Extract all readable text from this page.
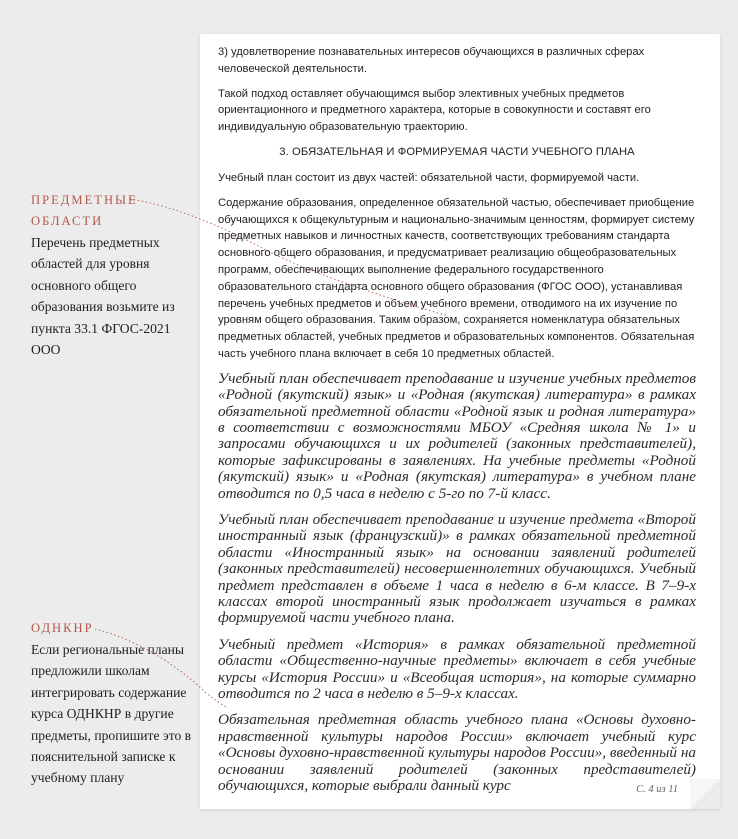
3) удовлетворение познавательных интересов обучающихся в различных сферах человеческой деятельности.

Такой подход оставляет обучающимся выбор элективных учебных предметов ориентационного и предметного характера, которые в совокупности и составят его индивидуальную образовательную траекторию.

3. ОБЯЗАТЕЛЬНАЯ И ФОРМИРУЕМАЯ ЧАСТИ УЧЕБНОГО ПЛАНА

Учебный план состоит из двух частей: обязательной части, формируемой части.

Содержание образования, определенное обязательной частью, обеспечивает приобщение обучающихся к общекультурным и национально-значимым ценностям, формирует систему предметных навыков и личностных качеств, соответствующих требованиям стандарта основного общего образования, и предусматривает реализацию общеобразовательных программ, обеспечивающих выполнение федерального государственного образовательного стандарта основного общего образования (ФГОС ООО), устанавливая перечень учебных предметов и объем учебного времени, отводимого на их изучение по уровням общего образования. Таким образом, сохраняется номенклатура обязательных предметных областей, учебных предметов и образовательных компонентов. Обязательная часть учебного плана включает в себя 10 предметных областей.

Учебный план обеспечивает преподавание и изучение учебных предметов «Родной (якутский) язык» и «Родная (якутская) литература» в рамках обязательной предметной области «Родной язык и родная литература» в соответствии с возможностями МБОУ «Средняя школа № 1» и запросами обучающихся и их родителей (законных представителей), которые зафиксированы в заявлениях. На учебные предметы «Родной (якутский) язык» и «Родная (якутская) литература» в учебном плане отводится по 0,5 часа в неделю с 5-го по 7-й класс.

Учебный план обеспечивает преподавание и изучение предмета «Второй иностранный язык (французский)» в рамках обязательной предметной области «Иностранный язык» на основании заявлений родителей (законных представителей) несовершеннолетних обучающихся. Учебный предмет представлен в объеме 1 часа в неделю в 6-м классе. В 7–9-х классах второй иностранный язык продолжает изучаться в рамках формируемой части учебного плана.

Учебный предмет «История» в рамках обязательной предметной области «Общественно-научные предметы» включает в себя учебные курсы «История России» и «Всеобщая история», на которые суммарно отводится по 2 часа в неделю в 5–9-х классах.

Обязательная предметная область учебного плана «Основы духовно-нравственной культуры народов России» включает учебный курс «Основы духовно-нравственной культуры народов России», введенный на основании заявлений родителей (законных представителей) обучающихся, которые выбрали данный курс	С. 4 из 11
ПРЕДМЕТНЫЕ ОБЛАСТИ
Перечень предметных областей для уровня основного общего образования возьмите из пункта 33.1 ФГОС-2021 ООО
ОДНКНР
Если региональные планы предложили школам интегрировать содержание курса ОДНКНР в другие предметы, пропишите это в пояснительной записке к учебному плану
